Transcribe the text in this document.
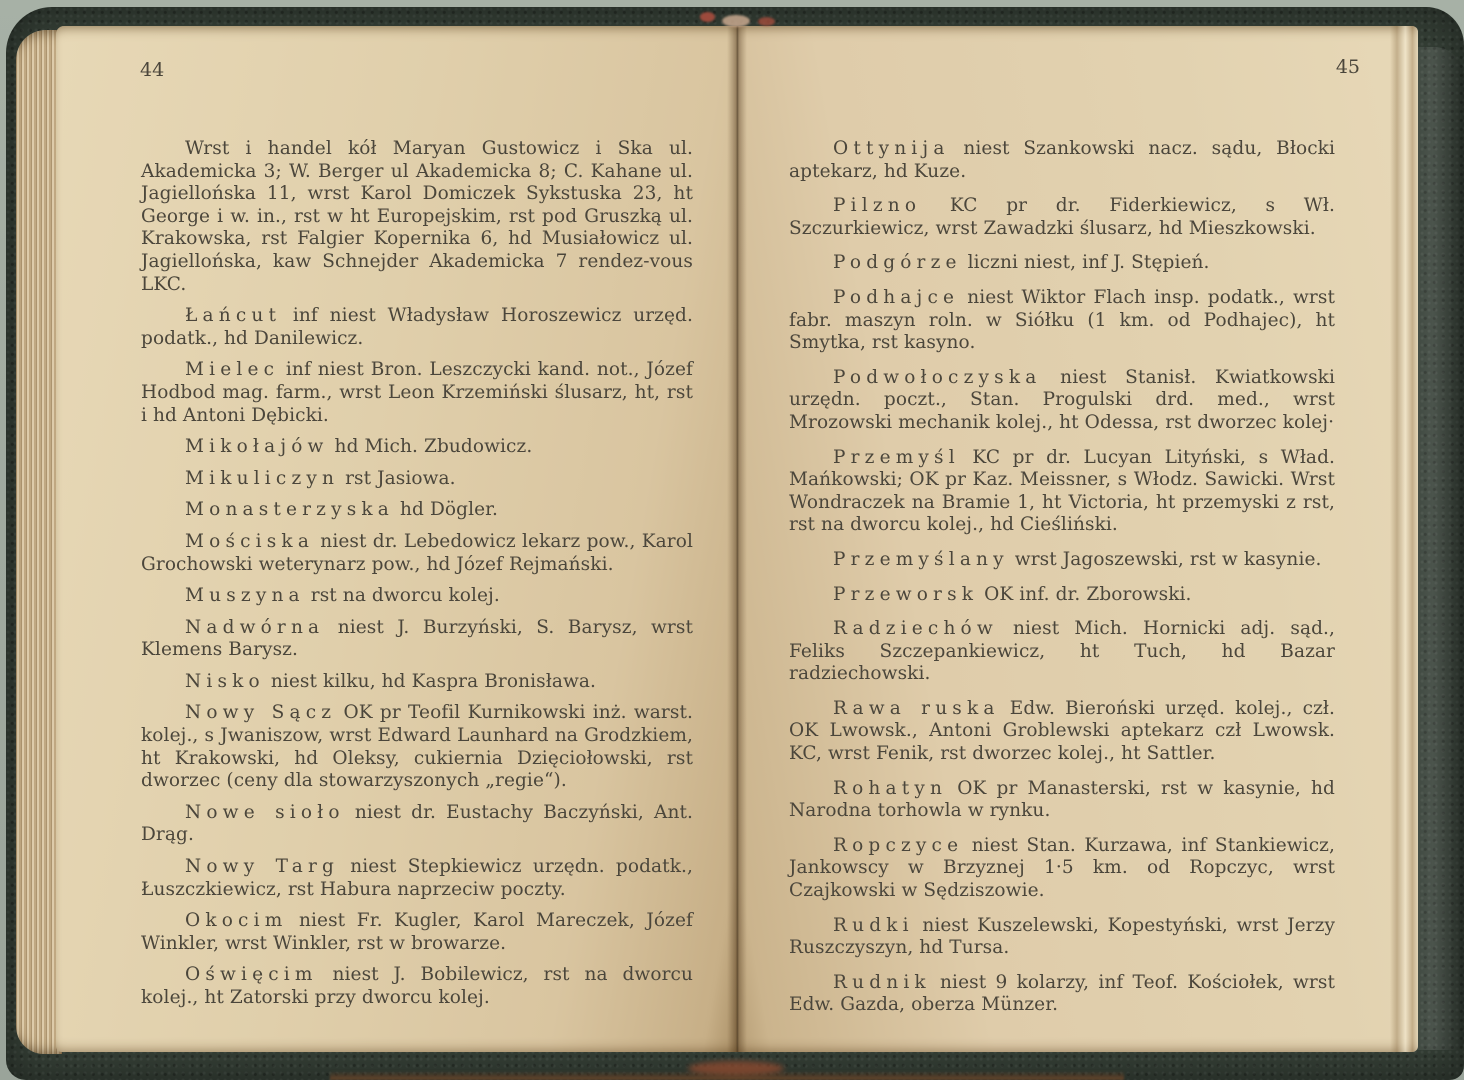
44

Wrst i handel kół Maryan Gustowicz i Ska ul. Akademicka 3; W. Berger ul Akademicka 8; C. Kahane ul. Jagiellońska 11, wrst Karol Domiczek Sykstuska 23, ht George i w. in., rst w ht Europejskim, rst pod Gruszką ul. Krakowska, rst Falgier Kopernika 6, hd Musiałowicz ul. Jagiellońska, kaw Schnejder Akademicka 7 rendez-vous LKC.

Łańcut inf niest Władysław Horoszewicz urzęd. podatk., hd Danilewicz.

Mielec inf niest Bron. Leszczycki kand. not., Józef Hodbod mag. farm., wrst Leon Krzemiński ślusarz, ht, rst i hd Antoni Dębicki.

Mikołajów hd Mich. Zbudowicz.

Mikuliczyn rst Jasiowa.

Monasterzyska hd Dögler.

Mościska niest dr. Lebedowicz lekarz pow., Karol Grochowski weterynarz pow., hd Józef Rejmański.

Muszyna rst na dworcu kolej.

Nadwórna niest J. Burzyński, S. Barysz, wrst Klemens Barysz.

Nisko niest kilku, hd Kaspra Bronisława.

Nowy Sącz OK pr Teofil Kurnikowski inż. warst. kolej., s Jwaniszow, wrst Edward Launhard na Grodzkiem, ht Krakowski, hd Oleksy, cukiernia Dzięciołowski, rst dworzec (ceny dla stowarzyszonych „regie“).

Nowe sioło niest dr. Eustachy Baczyński, Ant. Drąg.

Nowy Targ niest Stepkiewicz urzędn. podatk., Łuszczkiewicz, rst Habura naprzeciw poczty.

Okocim niest Fr. Kugler, Karol Mareczek, Józef Winkler, wrst Winkler, rst w browarze.

Oświęcim niest J. Bobilewicz, rst na dworcu kolej., ht Zatorski przy dworcu kolej.

45

Ottynija niest Szankowski nacz. sądu, Błocki aptekarz, hd Kuze.

Pilzno KC pr dr. Fiderkiewicz, s Wł. Szczurkiewicz, wrst Zawadzki ślusarz, hd Mieszkowski.

Podgórze liczni niest, inf J. Stępień.

Podhajce niest Wiktor Flach insp. podatk., wrst fabr. maszyn roln. w Siółku (1 km. od Podhajec), ht Smytka, rst kasyno.

Podwołoczyska niest Stanisł. Kwiatkowski urzędn. poczt., Stan. Progulski drd. med., wrst Mrozowski mechanik kolej., ht Odessa, rst dworzec kolej·

Przemyśl KC pr dr. Lucyan Lityński, s Wład. Mańkowski; OK pr Kaz. Meissner, s Włodz. Sawicki. Wrst Wondraczek na Bramie 1, ht Victoria, ht przemyski z rst, rst na dworcu kolej., hd Cieśliński.

Przemyślany wrst Jagoszewski, rst w kasynie.

Przeworsk OK inf. dr. Zborowski.

Radziechów niest Mich. Hornicki adj. sąd., Feliks Szczepankiewicz, ht Tuch, hd Bazar radziechowski.

Rawa ruska Edw. Bieroński urzęd. kolej., czł. OK Lwowsk., Antoni Groblewski aptekarz czł Lwowsk. KC, wrst Fenik, rst dworzec kolej., ht Sattler.

Rohatyn OK pr Manasterski, rst w kasynie, hd Narodna torhowla w rynku.

Ropczyce niest Stan. Kurzawa, inf Stankiewicz, Jankowscy w Brzyznej 1·5 km. od Ropczyc, wrst Czajkowski w Sędziszowie.

Rudki niest Kuszelewski, Kopestyński, wrst Jerzy Ruszczyszyn, hd Tursa.

Rudnik niest 9 kolarzy, inf Teof. Kościołek, wrst Edw. Gazda, oberza Münzer.
